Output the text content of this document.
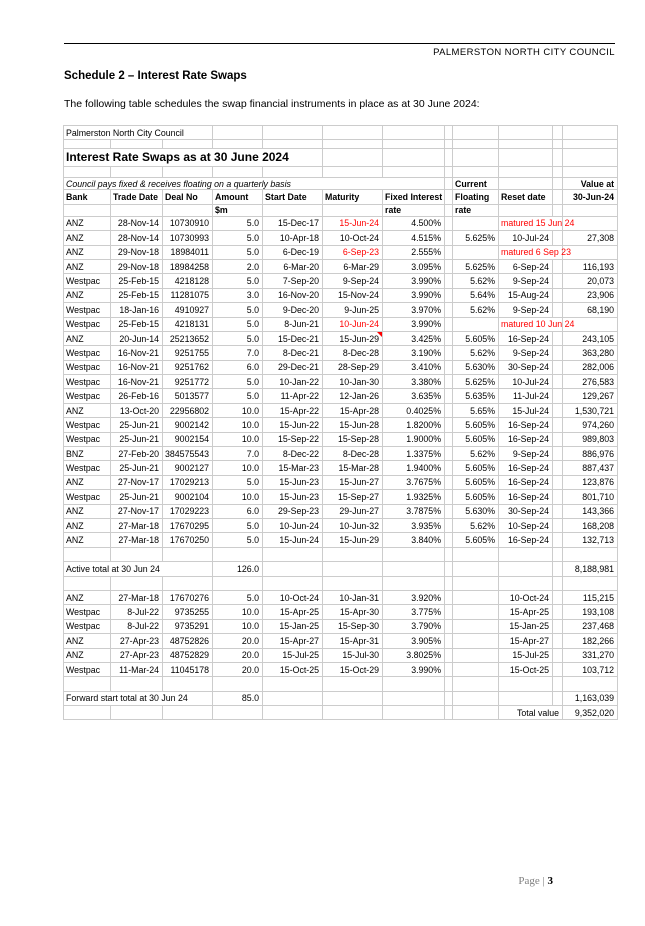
PALMERSTON NORTH CITY COUNCIL
Schedule 2 – Interest Rate Swaps
The following table schedules the swap financial instruments in place as at 30 June 2024:
Palmerston North City Council											

Interest Rate Swaps as at 30 June 2024											

Council pays fixed & receives floating on a quarterly basis								Current			Value at
Bank	Trade Date	Deal No	Amount	Start Date	Maturity	Fixed Interest		Floating	Reset date		30-Jun-24
			$m			rate		rate			
ANZ	28-Nov-14	10730910	5.0	15-Dec-17	15-Jun-24	4.500%			matured 15 Jun 24		
ANZ	28-Nov-14	10730993	5.0	10-Apr-18	10-Oct-24	4.515%		5.625%	10-Jul-24		27,308
ANZ	29-Nov-18	18984011	5.0	6-Dec-19	6-Sep-23	2.555%			matured 6 Sep 23		
ANZ	29-Nov-18	18984258	2.0	6-Mar-20	6-Mar-29	3.095%		5.625%	6-Sep-24		116,193
Westpac	25-Feb-15	4218128	5.0	7-Sep-20	9-Sep-24	3.990%		5.62%	9-Sep-24		20,073
ANZ	25-Feb-15	11281075	3.0	16-Nov-20	15-Nov-24	3.990%		5.64%	15-Aug-24		23,906
Westpac	18-Jan-16	4910927	5.0	9-Dec-20	9-Jun-25	3.970%		5.62%	9-Sep-24		68,190
Westpac	25-Feb-15	4218131	5.0	8-Jun-21	10-Jun-24	3.990%			matured 10 Jun 24		
ANZ	20-Jun-14	25213652	5.0	15-Dec-21	15-Jun-29	3.425%		5.605%	16-Sep-24		243,105
Westpac	16-Nov-21	9251755	7.0	8-Dec-21	8-Dec-28	3.190%		5.62%	9-Sep-24		363,280
Westpac	16-Nov-21	9251762	6.0	29-Dec-21	28-Sep-29	3.410%		5.630%	30-Sep-24		282,006
Westpac	16-Nov-21	9251772	5.0	10-Jan-22	10-Jan-30	3.380%		5.625%	10-Jul-24		276,583
Westpac	26-Feb-16	5013577	5.0	11-Apr-22	12-Jan-26	3.635%		5.635%	11-Jul-24		129,267
ANZ	13-Oct-20	22956802	10.0	15-Apr-22	15-Apr-28	0.4025%		5.65%	15-Jul-24		1,530,721
Westpac	25-Jun-21	9002142	10.0	15-Jun-22	15-Jun-28	1.8200%		5.605%	16-Sep-24		974,260
Westpac	25-Jun-21	9002154	10.0	15-Sep-22	15-Sep-28	1.9000%		5.605%	16-Sep-24		989,803
BNZ	27-Feb-20	384575543	7.0	8-Dec-22	8-Dec-28	1.3375%		5.62%	9-Sep-24		886,976
Westpac	25-Jun-21	9002127	10.0	15-Mar-23	15-Mar-28	1.9400%		5.605%	16-Sep-24		887,437
ANZ	27-Nov-17	17029213	5.0	15-Jun-23	15-Jun-27	3.7675%		5.605%	16-Sep-24		123,876
Westpac	25-Jun-21	9002104	10.0	15-Jun-23	15-Sep-27	1.9325%		5.605%	16-Sep-24		801,710
ANZ	27-Nov-17	17029223	6.0	29-Sep-23	29-Jun-27	3.7875%		5.630%	30-Sep-24		143,366
ANZ	27-Mar-18	17670295	5.0	10-Jun-24	10-Jun-32	3.935%		5.62%	10-Sep-24		168,208
ANZ	27-Mar-18	17670250	5.0	15-Jun-24	15-Jun-29	3.840%		5.605%	16-Sep-24		132,713

Active total at 30 Jun 24			126.0								8,188,981

ANZ	27-Mar-18	17670276	5.0	10-Oct-24	10-Jan-31	3.920%			10-Oct-24		115,215
Westpac	8-Jul-22	9735255	10.0	15-Apr-25	15-Apr-30	3.775%			15-Apr-25		193,108
Westpac	8-Jul-22	9735291	10.0	15-Jan-25	15-Sep-30	3.790%			15-Jan-25		237,468
ANZ	27-Apr-23	48752826	20.0	15-Apr-27	15-Apr-31	3.905%			15-Apr-27		182,266
ANZ	27-Apr-23	48752829	20.0	15-Jul-25	15-Jul-30	3.8025%			15-Jul-25		331,270
Westpac	11-Mar-24	11045178	20.0	15-Oct-25	15-Oct-29	3.990%			15-Oct-25		103,712

Forward start total at 30 Jun 24			85.0								1,163,039
									Total value		9,352,020
Page | 3
